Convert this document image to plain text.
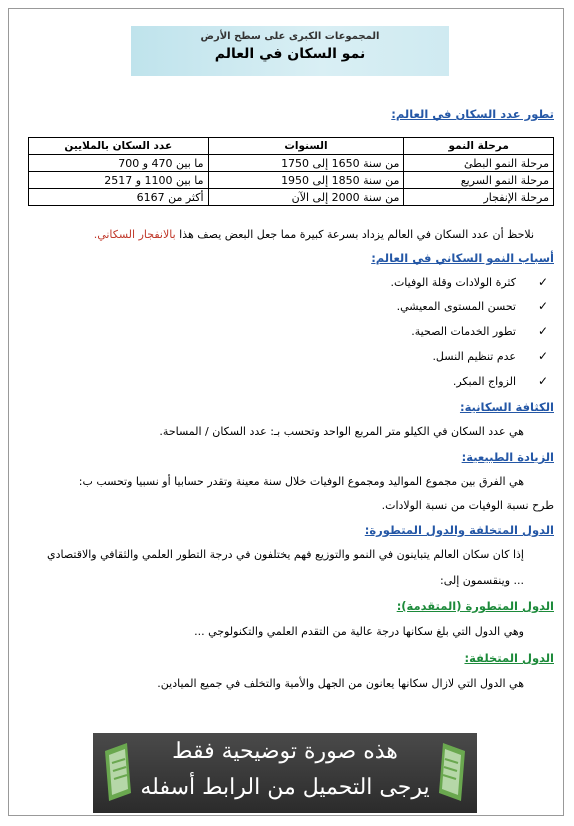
المجموعات الكبرى على سطح الأرض
نمو السكان في العالم
تطور عدد السكان في العالم:
مرحلة النمو	السنوات	عدد السكان بالملايين
مرحلة النمو البطئ	من سنة 1650 إلى 1750	ما بين 470 و 700
مرحلة النمو السريع	من سنة 1850 إلى 1950	ما بين 1100 و 2517
مرحلة الإنفجار	من سنة 2000 إلى الآن	أكثر من 6167
نلاحظ أن عدد السكان في العالم يزداد بسرعة كبيرة مما جعل البعض يصف هذا بالانفجار السكاني.
أسباب النمو السكاني في العالم:
✓كثرة الولادات وقلة الوفيات.
✓تحسن المستوى المعيشي.
✓تطور الخدمات الصحية.
✓عدم تنظيم النسل.
✓الزواج المبكر.
الكثافة السكانية:
هي عدد السكان في الكيلو متر المربع الواحد وتحسب بـ: عدد السكان / المساحة.
الزيادة الطبيعية:
هي الفرق بين مجموع المواليد ومجموع الوفيات خلال سنة معينة وتقدر حسابيا أو نسبيا وتحسب ب:
طرح نسبة الوفيات من نسبة الولادات.
الدول المتخلفة والدول المتطورة:
إذا كان سكان العالم يتباينون في النمو والتوزيع فهم يختلفون في درجة التطور العلمي والثقافي والاقتصادي
... وينقسمون إلى:
الدول المتطورة (المتقدمة):
وهي الدول التي بلغ سكانها درجة عالية من التقدم العلمي والتكنولوجي ...
الدول المتخلفة:
هي الدول التي لازال سكانها يعانون من الجهل والأمية والتخلف في جميع الميادين.
هذه صورة توضيحية فقط
يرجى التحميل من الرابط أسفله
